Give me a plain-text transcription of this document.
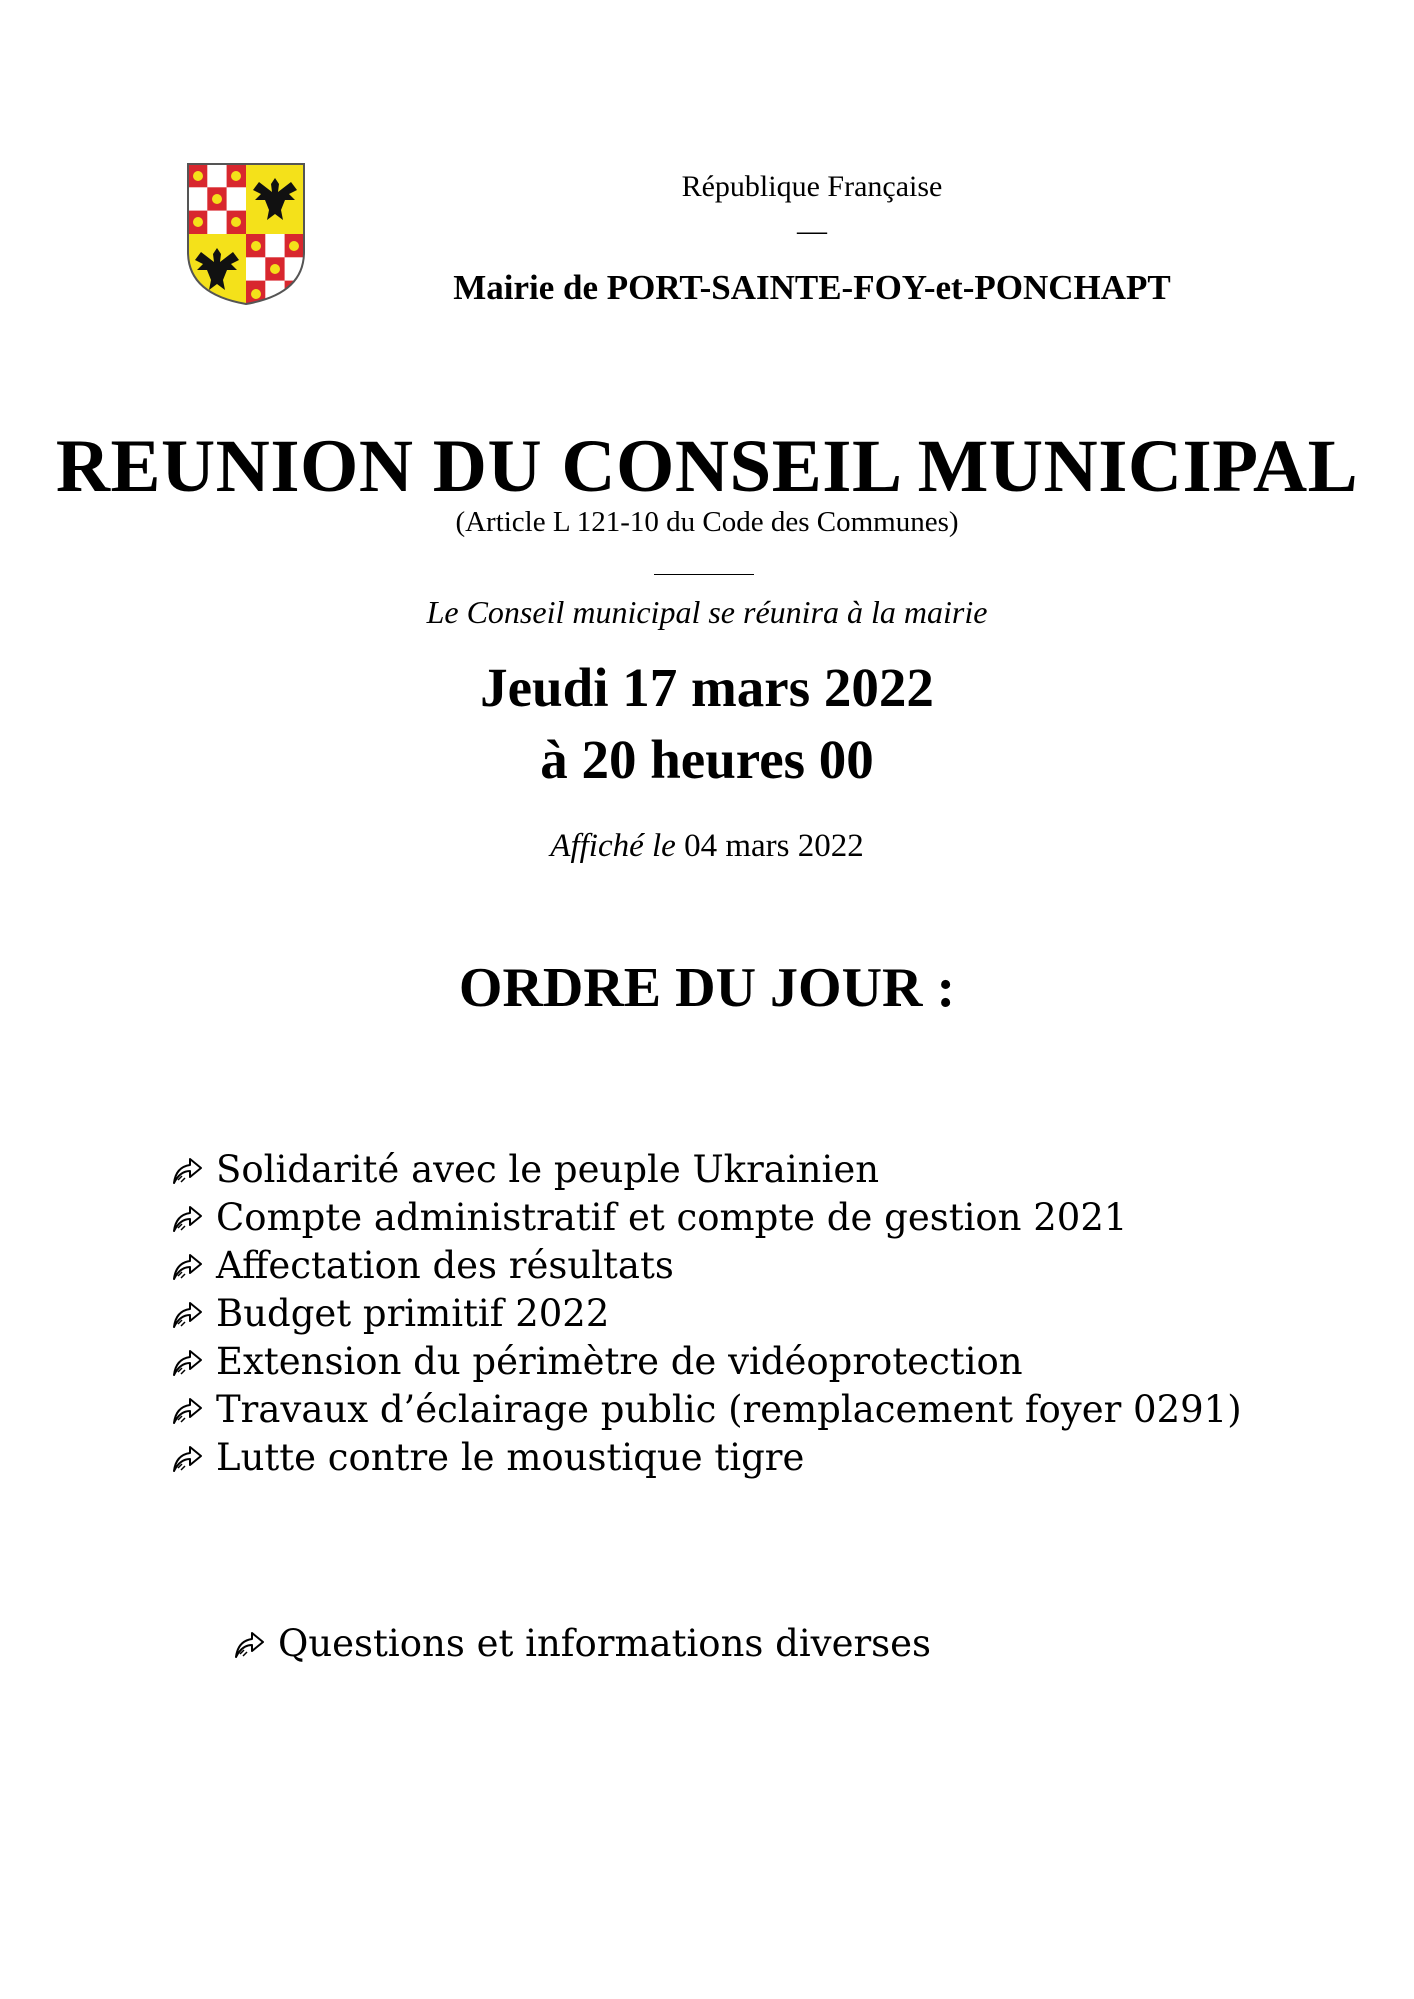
République Française
—
Mairie de PORT-SAINTE-FOY-et-PONCHAPT
REUNION DU CONSEIL MUNICIPAL
(Article L 121-10 du Code des Communes)
Le Conseil municipal se réunira à la mairie
Jeudi 17 mars 2022
à 20 heures 00
Affiché le 04 mars 2022
ORDRE DU JOUR :
Solidarité avec le peuple Ukrainien
Compte administratif et compte de gestion 2021
Affectation des résultats
Budget primitif 2022
Extension du périmètre de vidéoprotection
Travaux d’éclairage public (remplacement foyer 0291)
Lutte contre le moustique tigre
Questions et informations diverses
